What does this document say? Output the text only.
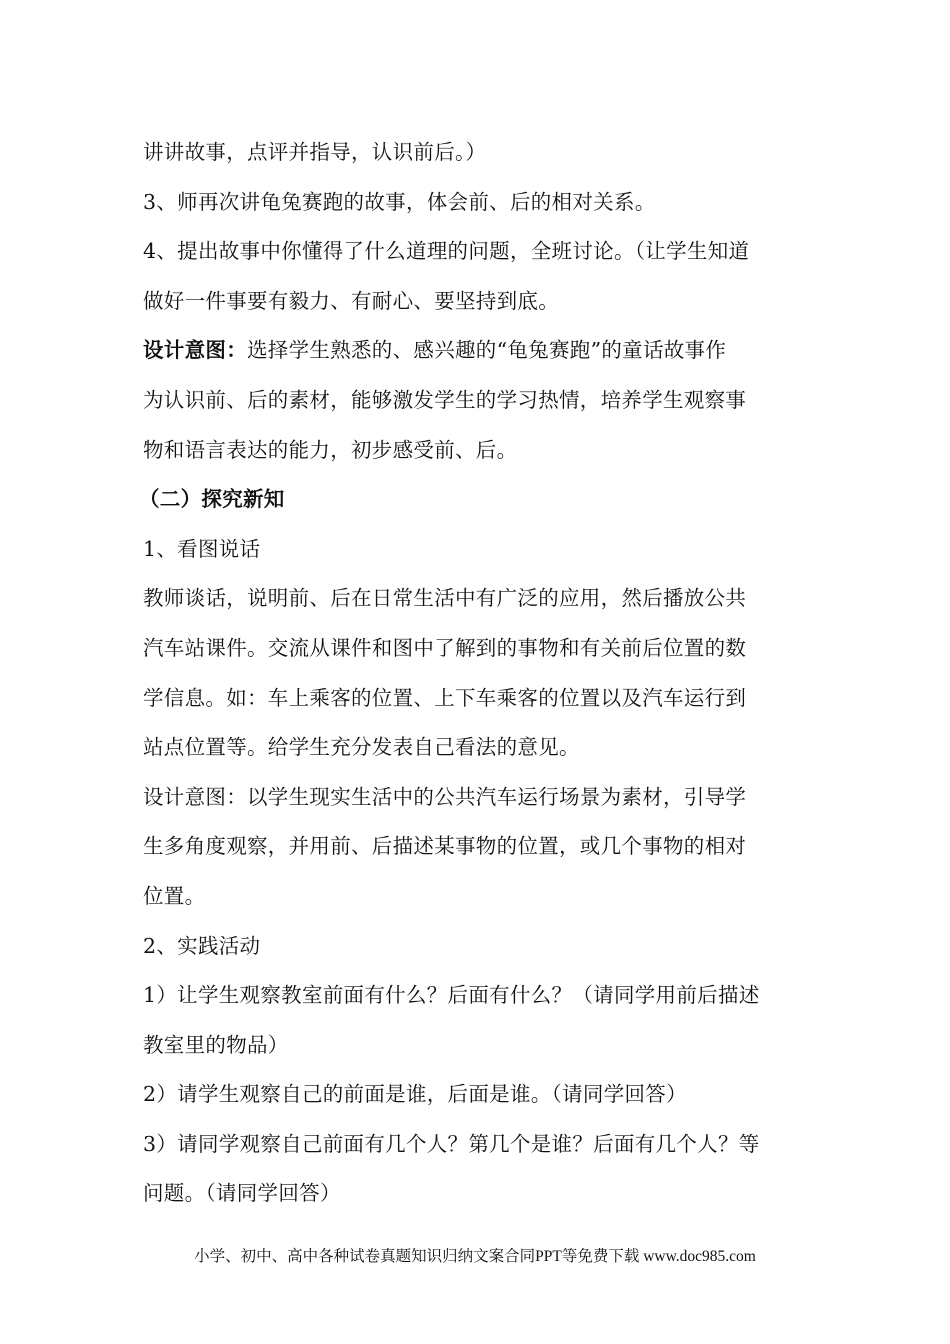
讲讲故事，点评并指导，认识前后。）
3、师再次讲龟兔赛跑的故事，体会前、后的相对关系。
4、提出故事中你懂得了什么道理的问题，全班讨论。（让学生知道
做好一件事要有毅力、有耐心、要坚持到底。
设计意图：选择学生熟悉的、感兴趣的“龟兔赛跑”的童话故事作
为认识前、后的素材，能够激发学生的学习热情，培养学生观察事
物和语言表达的能力，初步感受前、后。
（二）探究新知
1、看图说话
教师谈话，说明前、后在日常生活中有广泛的应用，然后播放公共
汽车站课件。交流从课件和图中了解到的事物和有关前后位置的数
学信息。如：车上乘客的位置、上下车乘客的位置以及汽车运行到
站点位置等。给学生充分发表自己看法的意见。
设计意图：以学生现实生活中的公共汽车运行场景为素材，引导学
生多角度观察，并用前、后描述某事物的位置，或几个事物的相对
位置。
2、实践活动
1）让学生观察教室前面有什么？后面有什么？（请同学用前后描述
教室里的物品）
2）请学生观察自己的前面是谁，后面是谁。（请同学回答）
3）请同学观察自己前面有几个人？第几个是谁？后面有几个人？等
问题。（请同学回答）
小学、初中、高中各种试卷真题知识归纳文案合同PPT等免费下载 www.doc985.com
